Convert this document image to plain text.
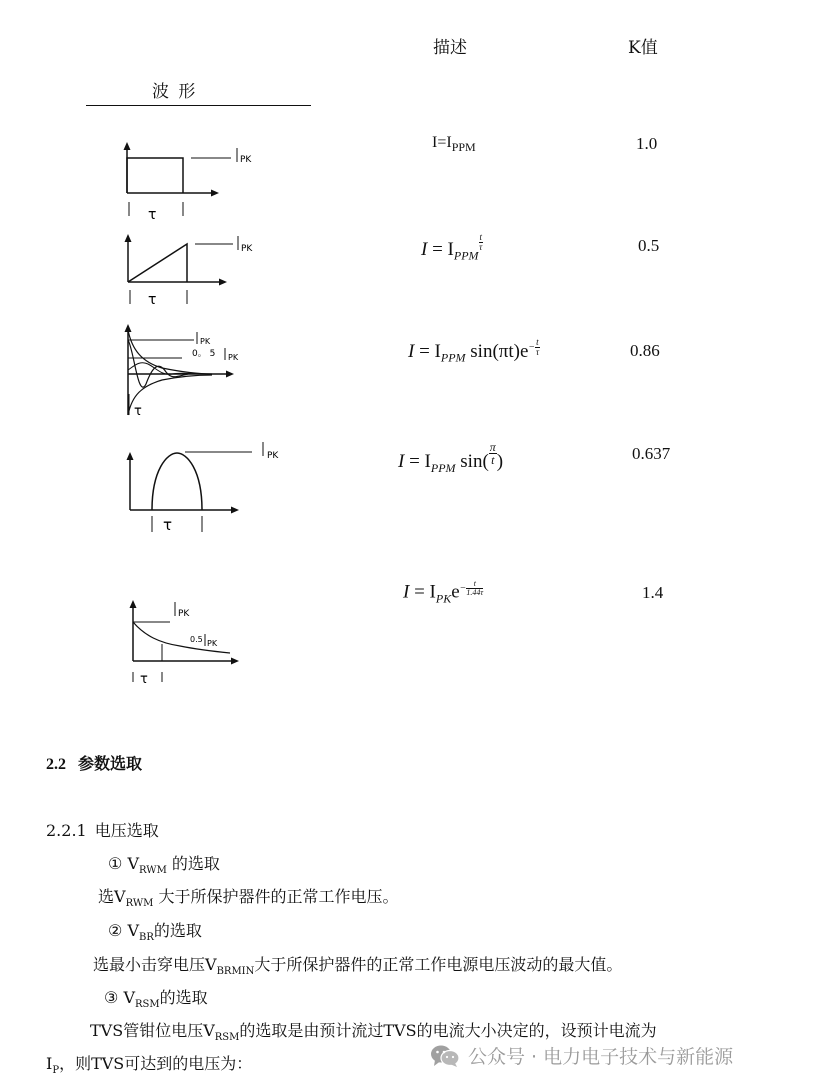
描述	K值
波 形
PK
τ
$I=I_{PPM}$	1.0
PK
τ
$I = I_{PPM}$
$\frac{t}{\tau}$	0.5
PK
0。 5 PK
τ
$I = I_{PPM}$ $\sin(\pi t)e- \frac{t}{\tau}$	0.86
PK
τ
$I = I_{PPM}$ $\sin( \frac{\pi}{t}$ )	0.637
PK
0.5 PK
τ
$I = I_{PK}e- \frac{t}{1.44\tau}$	1.4
2.2 参数选取
2.2.1 电压选取
① $V_{RWM}$ 的选取
选$V_{RWM}$ 大于所保护器件的正常工作电压。
② $V_{BR}$的选取
选最小击穿电压$V_{BRMIN}$大于所保护器件的正常工作电源电压波动的最大值。
③ $V_{RSM}$的选取
TVS管钳位电压$V_{RSM}$的选取是由预计流过TVS的电流大小决定的，设预计电流为
$I_P$，则TVS可达到的电压为：	公众号 · 电力电子技术与新能源
